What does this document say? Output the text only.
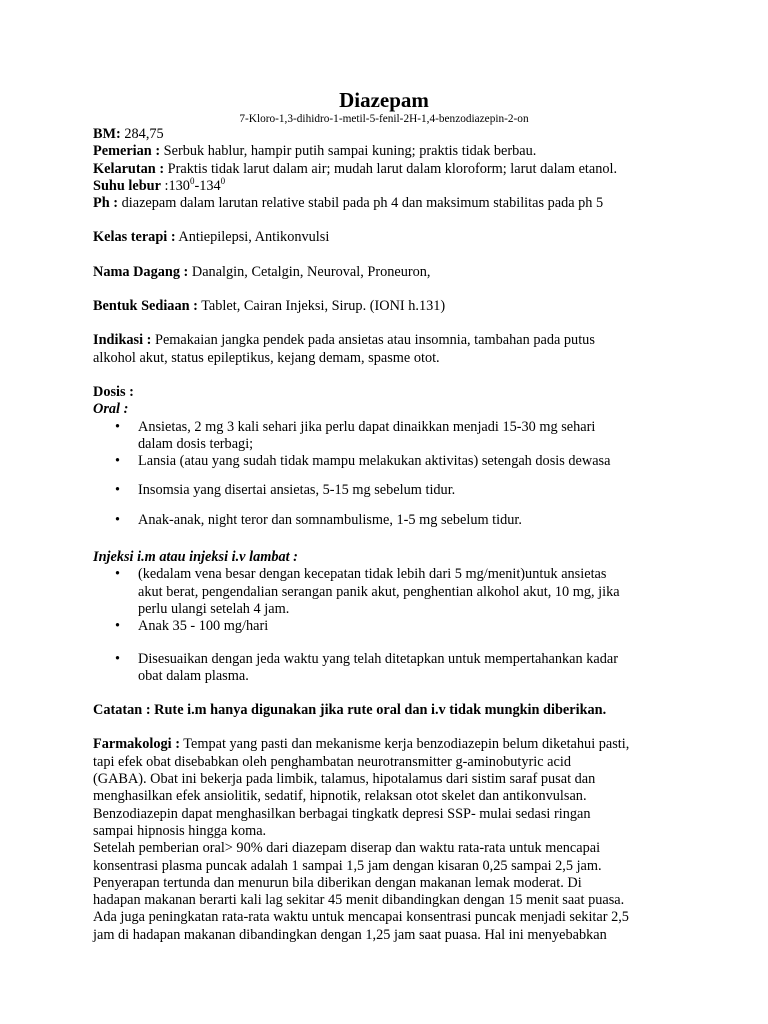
Diazepam
7-Kloro-1,3-dihidro-1-metil-5-fenil-2H-1,4-benzodiazepin-2-on

BM: 284,75

Pemerian : Serbuk hablur, hampir putih sampai kuning; praktis tidak berbau.

Kelarutan : Praktis tidak larut dalam air; mudah larut dalam kloroform; larut dalam etanol.

Suhu lebur $:130^0-134^0$

Ph : diazepam dalam larutan relative stabil pada ph 4 dan maksimum stabilitas pada ph 5

Kelas terapi : Antiepilepsi, Antikonvulsi

Nama Dagang : Danalgin, Cetalgin, Neuroval, Proneuron,

Bentuk Sediaan : Tablet, Cairan Injeksi, Sirup. (IONI h.131)

Indikasi : Pemakaian jangka pendek pada ansietas atau insomnia, tambahan pada putus

alkohol akut, status epileptikus, kejang demam, spasme otot.

Dosis :

Oral :

• Ansietas, 2 mg 3 kali sehari jika perlu dapat dinaikkan menjadi 15-30 mg sehari
dalam dosis terbagi;
• Lansia (atau yang sudah tidak mampu melakukan aktivitas) setengah dosis dewasa
• Insomsia yang disertai ansietas, 5-15 mg sebelum tidur.
• Anak-anak, night teror dan somnambulisme, 1-5 mg sebelum tidur.

Injeksi i.m atau injeksi i.v lambat :

• (kedalam vena besar dengan kecepatan tidak lebih dari 5 mg/menit)untuk ansietas
akut berat, pengendalian serangan panik akut, penghentian alkohol akut, 10 mg, jika
perlu ulangi setelah 4 jam.
• Anak 35 - 100 mg/hari
• Disesuaikan dengan jeda waktu yang telah ditetapkan untuk mempertahankan kadar
obat dalam plasma.

Catatan : Rute i.m hanya digunakan jika rute oral dan i.v tidak mungkin diberikan.

Farmakologi : Tempat yang pasti dan mekanisme kerja benzodiazepin belum diketahui pasti,

tapi efek obat disebabkan oleh penghambatan neurotransmitter g-aminobutyric acid

(GABA). Obat ini bekerja pada limbik, talamus, hipotalamus dari sistim saraf pusat dan

menghasilkan efek ansiolitik, sedatif, hipnotik, relaksan otot skelet dan antikonvulsan.

Benzodiazepin dapat menghasilkan berbagai tingkatk depresi SSP- mulai sedasi ringan

sampai hipnosis hingga koma.

Setelah pemberian oral> 90% dari diazepam diserap dan waktu rata-rata untuk mencapai

konsentrasi plasma puncak adalah 1 sampai 1,5 jam dengan kisaran 0,25 sampai 2,5 jam.

Penyerapan tertunda dan menurun bila diberikan dengan makanan lemak moderat. Di

hadapan makanan berarti kali lag sekitar 45 menit dibandingkan dengan 15 menit saat puasa.

Ada juga peningkatan rata-rata waktu untuk mencapai konsentrasi puncak menjadi sekitar 2,5

jam di hadapan makanan dibandingkan dengan 1,25 jam saat puasa. Hal ini menyebabkan
